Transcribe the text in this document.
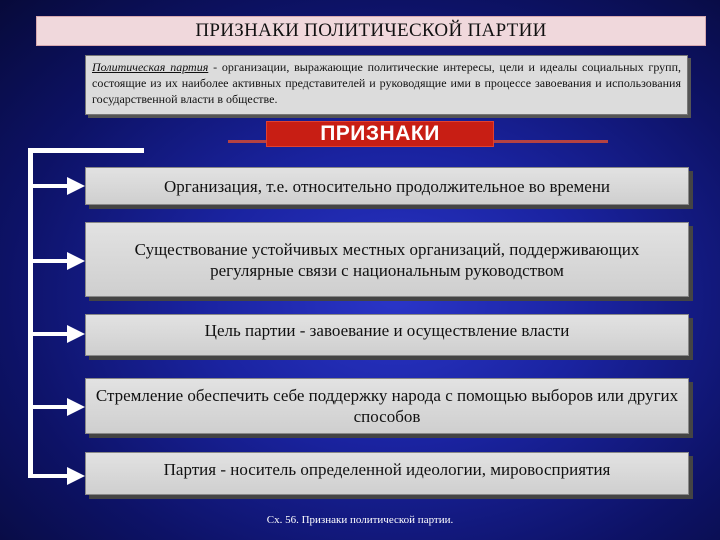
ПРИЗНАКИ ПОЛИТИЧЕСКОЙ ПАРТИИ
Политическая партия - организации, выражающие политические интересы, цели и идеалы социальных групп, состоящие из их наиболее активных представителей и руководящие ими в процессе завоевания и использования государственной власти в обществе.
ПРИЗНАКИ
Организация, т.е. относительно продолжительное во времени
Существование устойчивых местных организаций, поддерживающих регулярные связи с национальным руководством
Цель партии - завоевание и осуществление власти
Стремление обеспечить себе поддержку народа с помощью выборов или других способов
Партия - носитель определенной идеологии, мировосприятия
Сх. 56. Признаки политической партии.
